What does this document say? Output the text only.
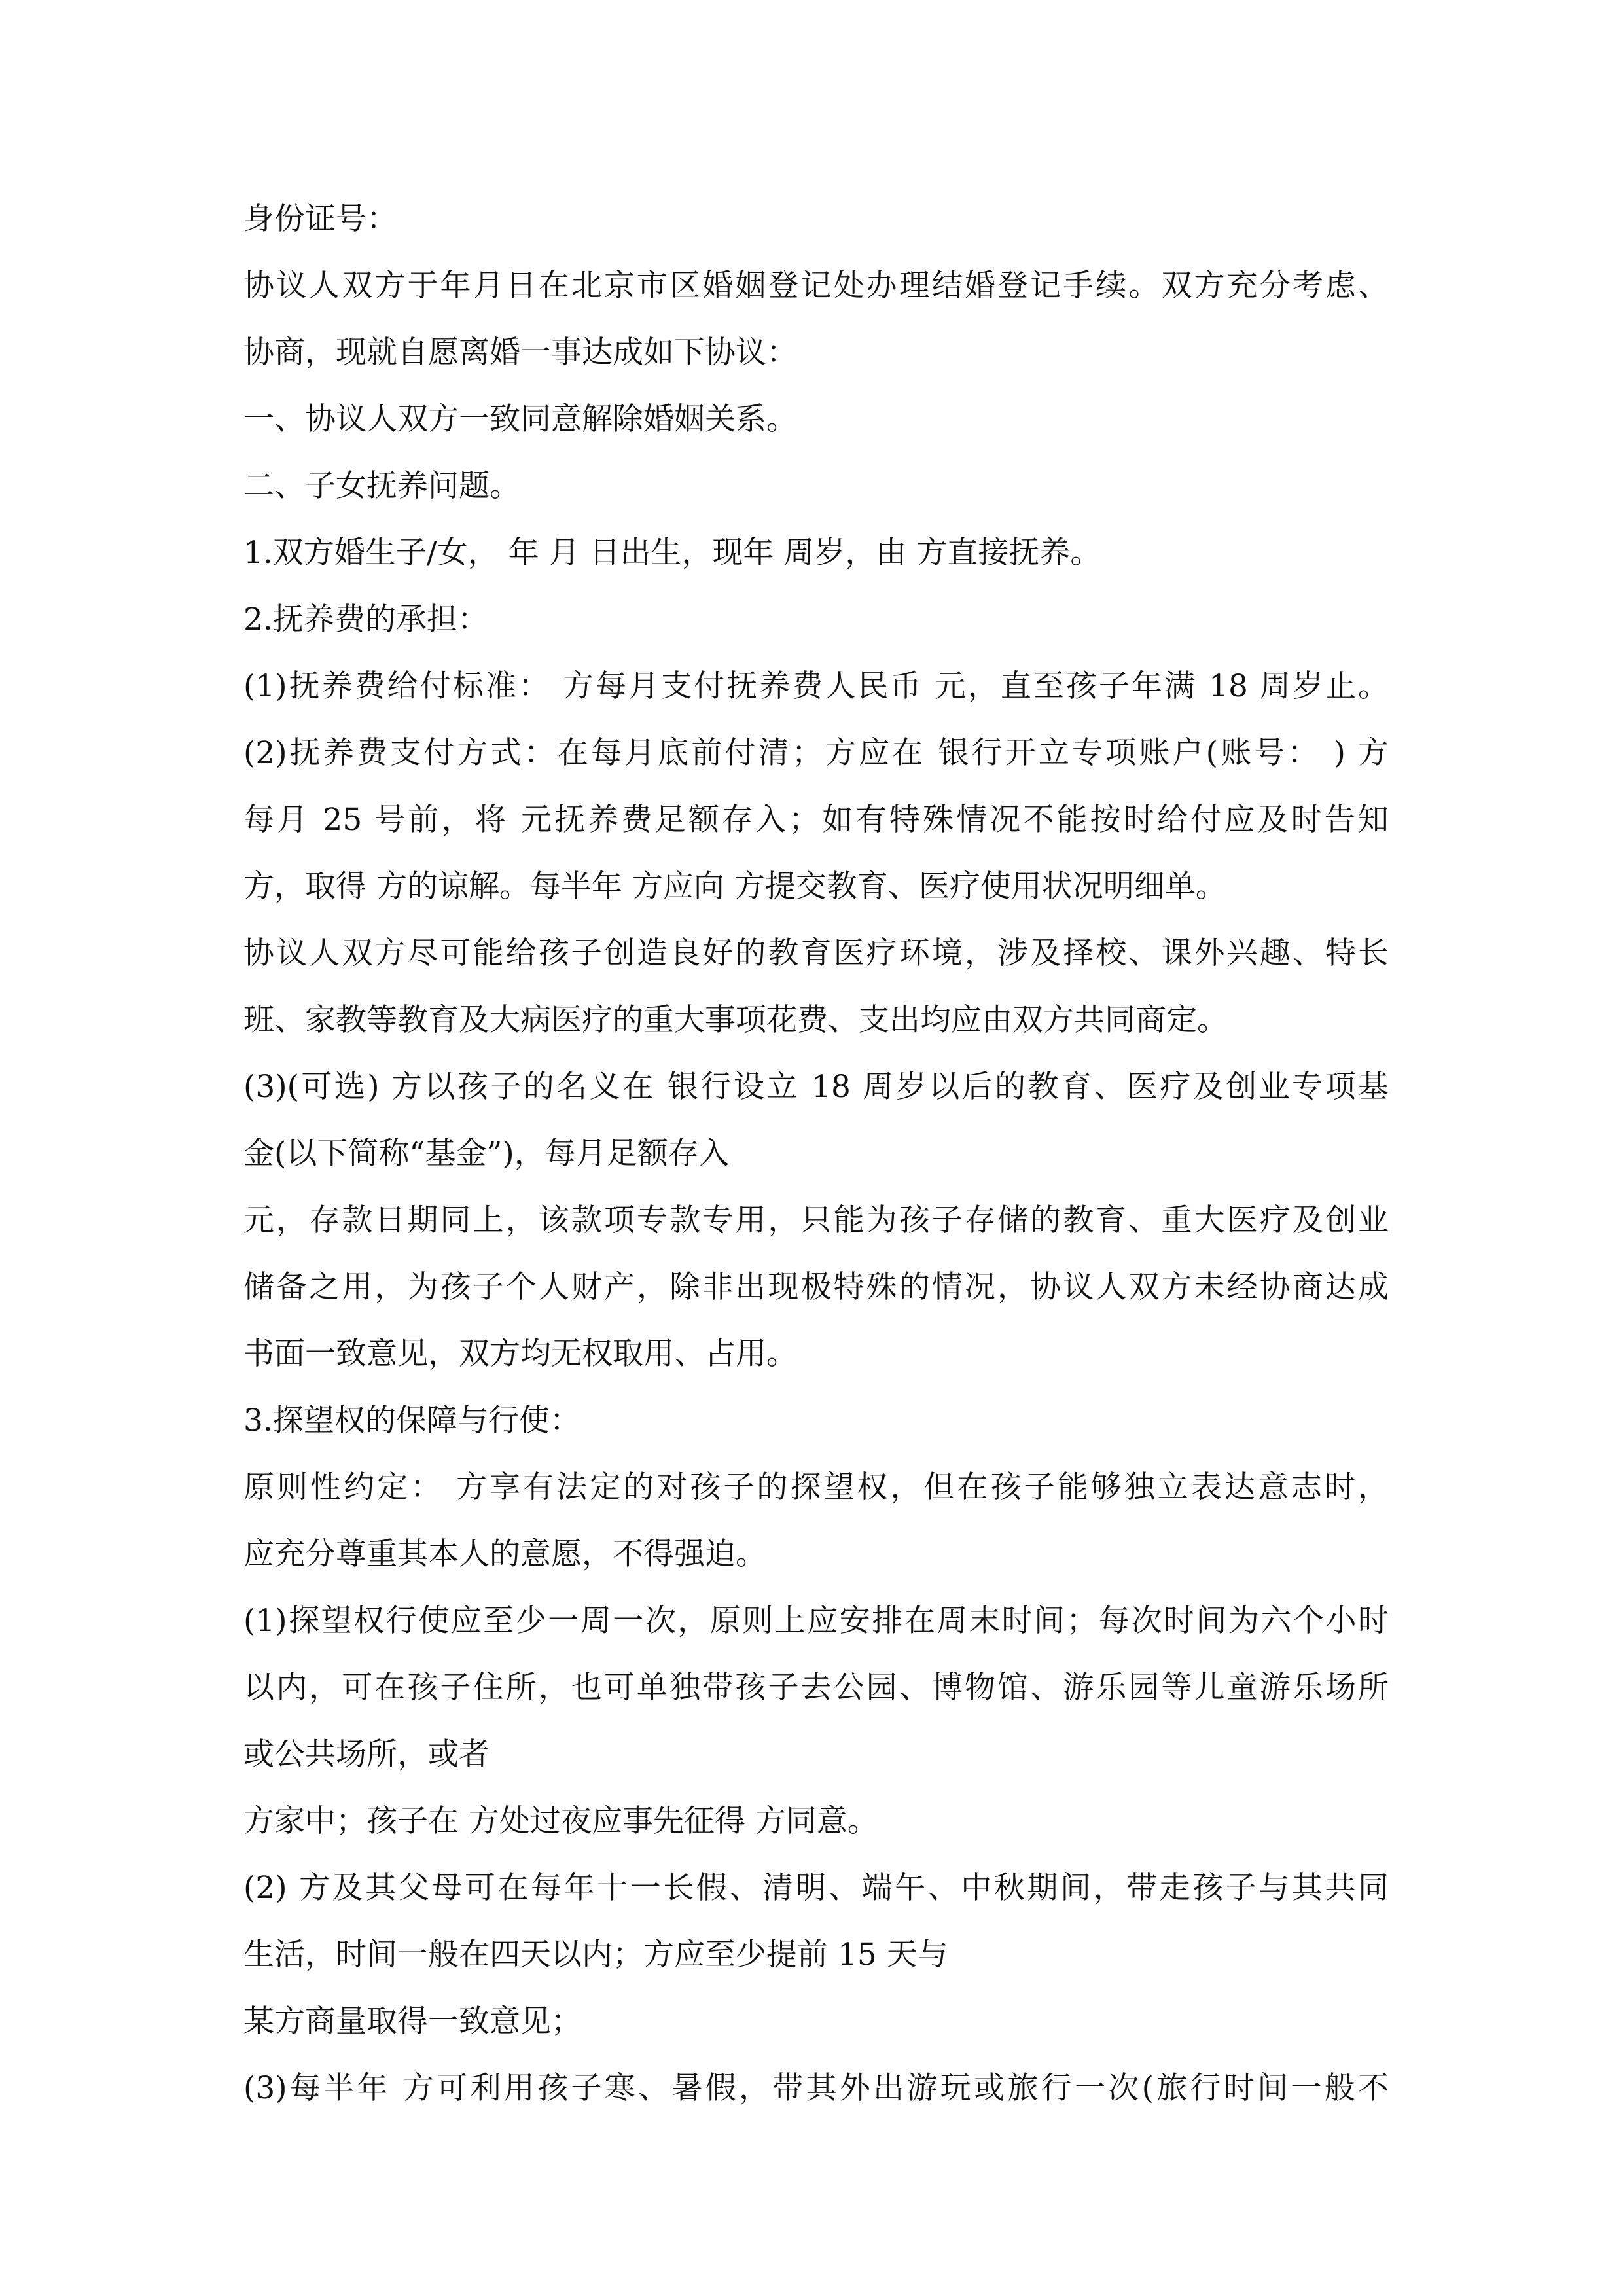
身份证号：
协议人双方于年月日在北京市区婚姻登记处办理结婚登记手续。双方充分考虑、
协商，现就自愿离婚一事达成如下协议：
一、协议人双方一致同意解除婚姻关系。
二、子女抚养问题。
1.双方婚生子/女， 年 月 日出生，现年 周岁，由 方直接抚养。
2.抚养费的承担：
(1)抚养费给付标准： 方每月支付抚养费人民币 元，直至孩子年满 18 周岁止。
(2)抚养费支付方式：在每月底前付清；方应在 银行开立专项账户(账号： ) 方
每月 25 号前，将 元抚养费足额存入；如有特殊情况不能按时给付应及时告知
方，取得 方的谅解。每半年 方应向 方提交教育、医疗使用状况明细单。
协议人双方尽可能给孩子创造良好的教育医疗环境，涉及择校、课外兴趣、特长
班、家教等教育及大病医疗的重大事项花费、支出均应由双方共同商定。
(3)(可选) 方以孩子的名义在 银行设立 18 周岁以后的教育、医疗及创业专项基
金(以下简称“基金”)，每月足额存入
元，存款日期同上，该款项专款专用，只能为孩子存储的教育、重大医疗及创业
储备之用，为孩子个人财产，除非出现极特殊的情况，协议人双方未经协商达成
书面一致意见，双方均无权取用、占用。
3.探望权的保障与行使：
原则性约定： 方享有法定的对孩子的探望权，但在孩子能够独立表达意志时，
应充分尊重其本人的意愿，不得强迫。
(1)探望权行使应至少一周一次，原则上应安排在周末时间；每次时间为六个小时
以内，可在孩子住所，也可单独带孩子去公园、博物馆、游乐园等儿童游乐场所
或公共场所，或者
方家中；孩子在 方处过夜应事先征得 方同意。
(2) 方及其父母可在每年十一长假、清明、端午、中秋期间，带走孩子与其共同
生活，时间一般在四天以内；方应至少提前 15 天与
某方商量取得一致意见；
(3)每半年 方可利用孩子寒、暑假，带其外出游玩或旅行一次(旅行时间一般不
